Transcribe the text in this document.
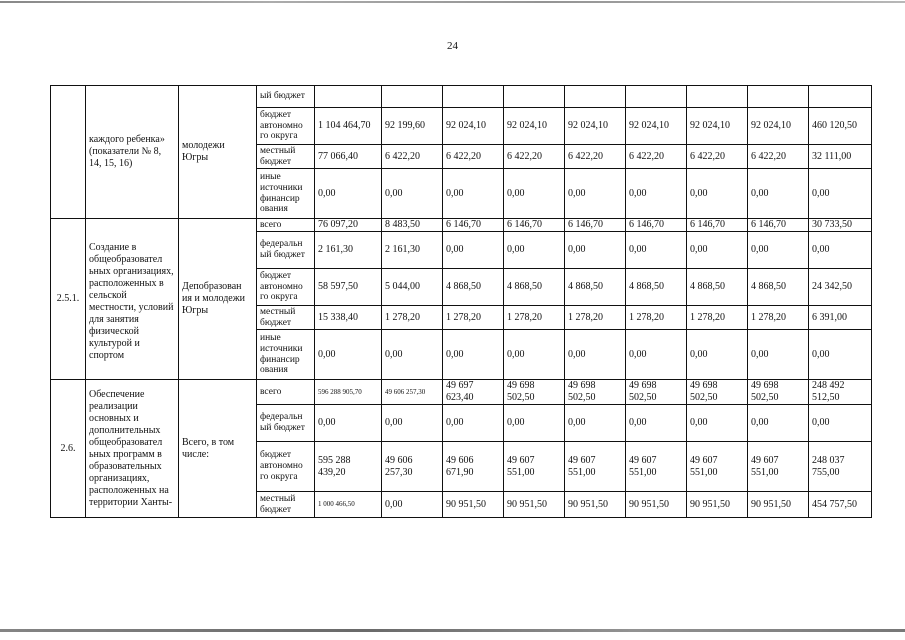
24
	каждого ребенка» (показатели № 8, 14, 15, 16)	молодежи Югры	ый бюджет									
			бюджет автономно го округа	1 104 464,70	92 199,60	92 024,10	92 024,10	92 024,10	92 024,10	92 024,10	92 024,10	460 120,50
			местный бюджет	77 066,40	6 422,20	6 422,20	6 422,20	6 422,20	6 422,20	6 422,20	6 422,20	32 111,00
			иные источники финансир ования	0,00	0,00	0,00	0,00	0,00	0,00	0,00	0,00	0,00
2.5.1.	Создание в общеобразовател ьных организациях, расположенных в сельской местности, условий для занятия физической культурой и спортом	Депобразован ия и молодежи Югры	всего	76 097,20	8 483,50	6 146,70	6 146,70	6 146,70	6 146,70	6 146,70	6 146,70	30 733,50
			федеральн ый бюджет	2 161,30	2 161,30	0,00	0,00	0,00	0,00	0,00	0,00	0,00
			бюджет автономно го округа	58 597,50	5 044,00	4 868,50	4 868,50	4 868,50	4 868,50	4 868,50	4 868,50	24 342,50
			местный бюджет	15 338,40	1 278,20	1 278,20	1 278,20	1 278,20	1 278,20	1 278,20	1 278,20	6 391,00
			иные источники финансир ования	0,00	0,00	0,00	0,00	0,00	0,00	0,00	0,00	0,00
2.6.	Обеспечение реализации основных и дополнительных общеобразовател ьных программ в образовательных организациях, расположенных на территории Ханты-	Всего, в том числе:	всего	596 288 905,70	49 606 257,30	49 697 623,40	49 698 502,50	49 698 502,50	49 698 502,50	49 698 502,50	49 698 502,50	248 492 512,50
			федеральн ый бюджет	0,00	0,00	0,00	0,00	0,00	0,00	0,00	0,00	0,00
			бюджет автономно го округа	595 288 439,20	49 606 257,30	49 606 671,90	49 607 551,00	49 607 551,00	49 607 551,00	49 607 551,00	49 607 551,00	248 037 755,00
			местный бюджет	1 000 466,50	0,00	90 951,50	90 951,50	90 951,50	90 951,50	90 951,50	90 951,50	454 757,50
